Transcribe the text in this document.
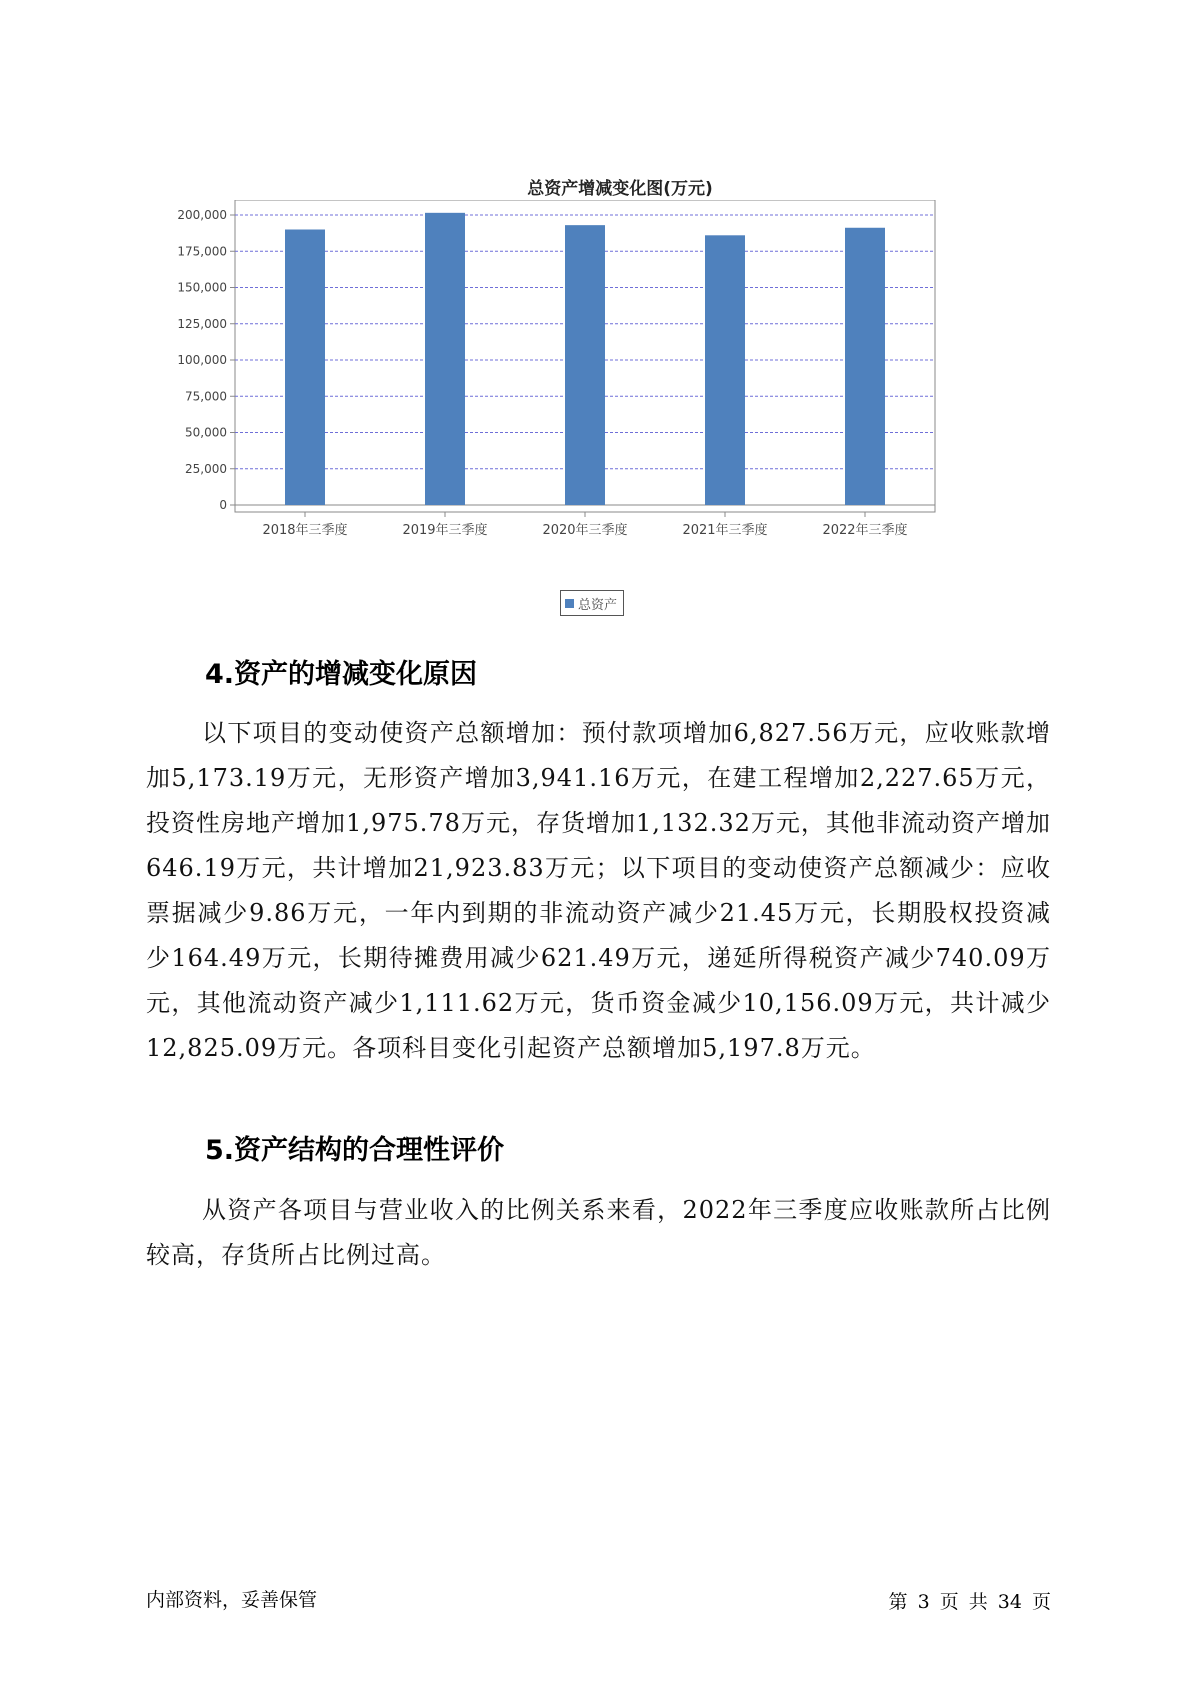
总资产增减变化图(万元)
0
25,000
50,000
75,000
100,000
125,000
150,000
175,000
200,000
2018年三季度	2019年三季度	2020年三季度	2021年三季度	2022年三季度
总资产
4.资产的增减变化原因
以下项目的变动使资产总额增加：预付款项增加6,827.56万元，应收账款增加5,173.19万元，无形资产增加3,941.16万元，在建工程增加2,227.65万元，投资性房地产增加1,975.78万元，存货增加1,132.32万元，其他非流动资产增加646.19万元，共计增加21,923.83万元；以下项目的变动使资产总额减少：应收票据减少9.86万元，一年内到期的非流动资产减少21.45万元，长期股权投资减少164.49万元，长期待摊费用减少621.49万元，递延所得税资产减少740.09万元，其他流动资产减少1,111.62万元，货币资金减少10,156.09万元，共计减少12,825.09万元。各项科目变化引起资产总额增加5,197.8万元。
5.资产结构的合理性评价
从资产各项目与营业收入的比例关系来看，2022年三季度应收账款所占比例较高，存货所占比例过高。
内部资料，妥善保管	第 3 页 共 34 页
